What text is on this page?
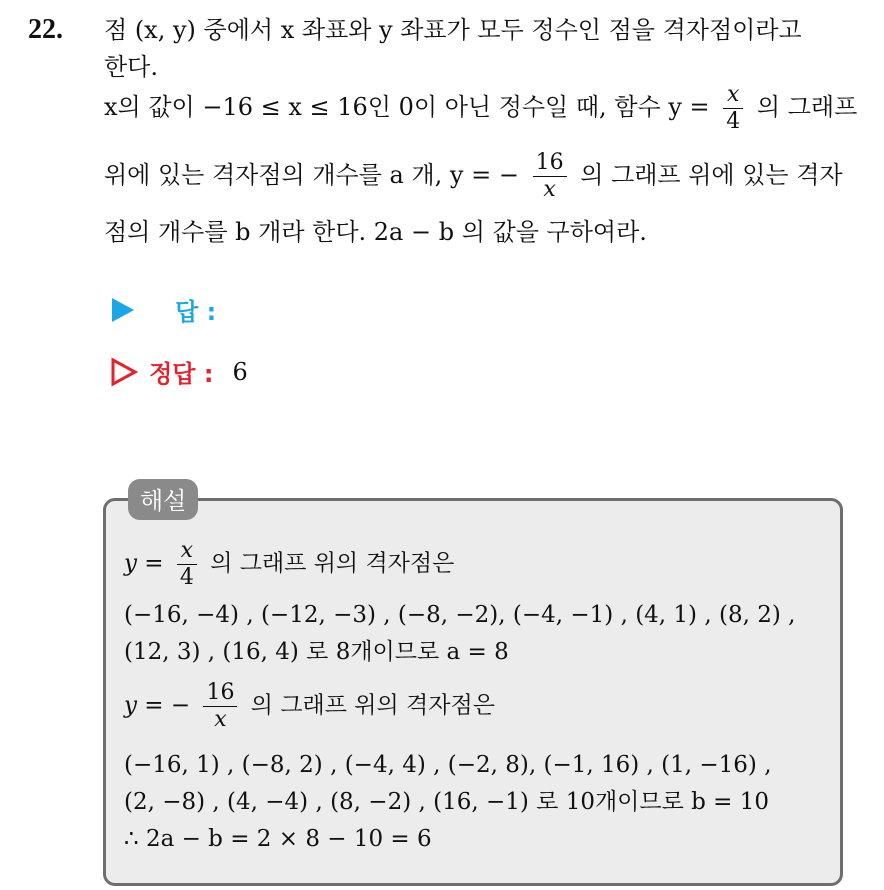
22. 점 (x, y) 중에서 x 좌표와 y 좌표가 모두 정수인 점을 격자점이라고
한다.
x의 값이 −16 ≤ x ≤ 16인 0이 아닌 정수일 때, 함수 $y = \frac{x}{4}$ 의 그래프
위에 있는 격자점의 개수를 a 개, y = − $\frac{16}{x}$ 의 그래프 위에 있는 격자
점의 개수를 b 개라 한다. 2a − b 의 값을 구하여라.
답 :
정답 : 6
해설
$y = \frac{x}{4}$ 의 그래프 위의 격자점은
(−16, −4) , (−12, −3) , (−8, −2), (−4, −1) , (4, 1) , (8, 2) ,
(12, 3) , (16, 4) 로 8개이므로 a = 8
y = − $\frac{16}{x}$ 의 그래프 위의 격자점은
(−16, 1) , (−8, 2) , (−4, 4) , (−2, 8), (−1, 16) , (1, −16) ,
(2, −8) , (4, −4) , (8, −2) , (16, −1) 로 10개이므로 b = 10
∴ 2a − b = 2 × 8 − 10 = 6
